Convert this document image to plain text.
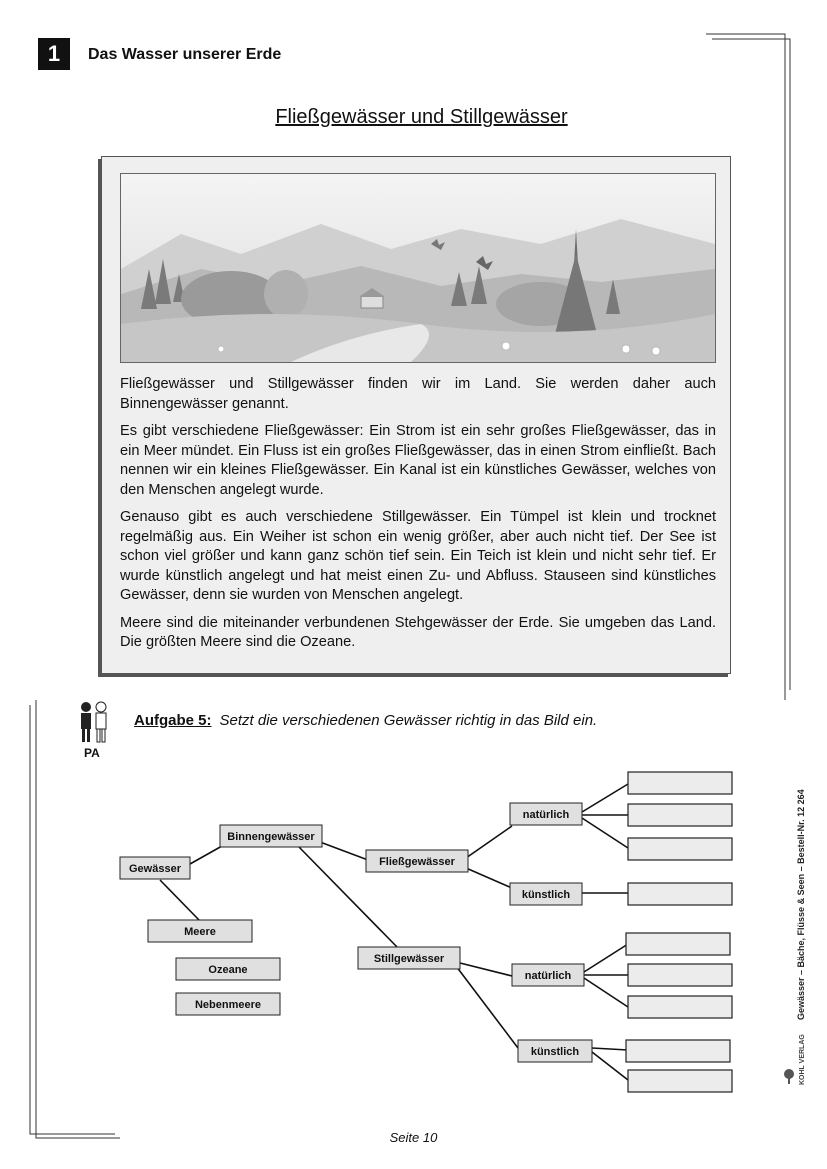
1	Das Wasser unserer Erde
Fließgewässer und Stillgewässer

Fließgewässer und Stillgewässer finden wir im Land. Sie werden daher auch Binnengewässer genannt.

Es gibt verschiedene Fließgewässer: Ein Strom ist ein sehr großes Fließgewässer, das in ein Meer mündet. Ein Fluss ist ein großes Fließgewässer, das in einen Strom einfließt. Bach nennen wir ein kleines Fließgewässer. Ein Kanal ist ein künstliches Gewässer, welches von den Menschen angelegt wurde.

Genauso gibt es auch verschiedene Stillgewässer. Ein Tümpel ist klein und trocknet regelmäßig aus. Ein Weiher ist schon ein wenig größer, aber auch nicht tief. Der See ist schon viel größer und kann ganz schön tief sein. Ein Teich ist klein und nicht sehr tief. Er wurde künstlich angelegt und hat meist einen Zu- und Abfluss. Stauseen sind künstliches Gewässer, denn sie wurden von Menschen angelegt.

Meere sind die miteinander verbundenen Stehgewässer der Erde. Sie umgeben das Land. Die größten Meere sind die Ozeane.

PA
Aufgabe 5: Setzt die verschiedenen Gewässer richtig in das Bild ein.
Gewässer
Binnengewässer
Meere
Ozeane
Nebenmeere
Fließgewässer
Stillgewässer
natürlich
künstlich
natürlich
künstlich
Gewässer – Bäche, Flüsse & Seen – Bestell-Nr. 12 264
KOHL VERLAG
Seite 10
